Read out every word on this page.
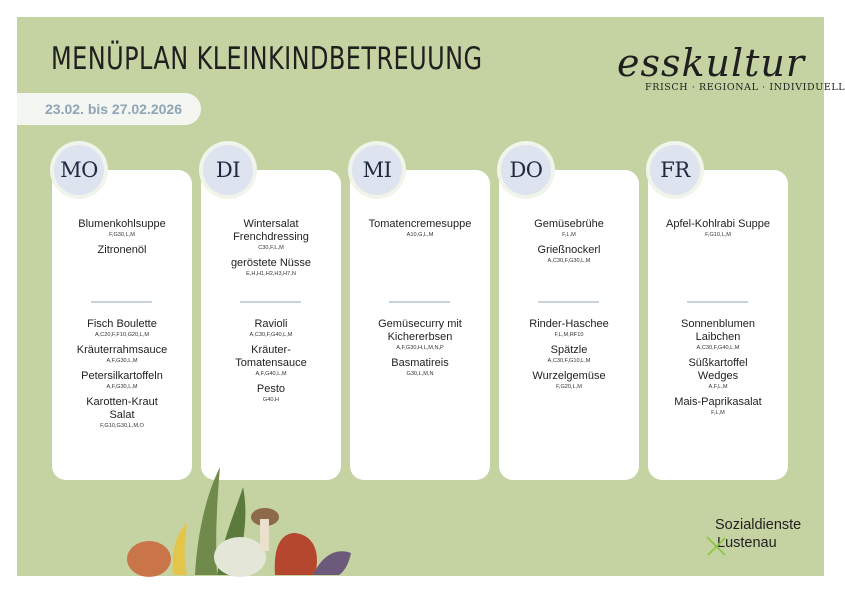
MENÜPLAN KLEINKINDBETREUUNG
23.02. bis 27.02.2026
esskultur
FRISCH · REGIONAL · INDIVIDUELL
Blumenkohlsuppe
F,G30,L,M
Zitronenöl
Fisch Boulette
A,C20,F,F10,G20,L,M
Kräuterrahmsauce
A,F,G30,L,M
Petersilkartoffeln
A,F,G30,L,M
Karotten-Kraut Salat
F,G10,G30,L,M,O
MO
Wintersalat Frenchdressing
C30,F,L,M
geröstete Nüsse
E,H,H1,H2,H3,H7,N
Ravioli
A,C30,F,G40,L,M
Kräuter-Tomatensauce
A,F,G40,L,M
Pesto
G40,H
DI
Tomatencremesuppe
A10,G,L,M
Gemüsecurry mit Kichererbsen
A,F,G30,H,L,M,N,P
Basmatireis
G30,L,M,N
MI
Gemüsebrühe
F,L,M
Grießnockerl
A,C30,F,G30,L,M
Rinder-Haschee
F,L,M,RF10
Spätzle
A,C30,F,G10,L,M
Wurzelgemüse
F,G20,L,M
DO
Apfel-Kohlrabi Suppe
F,G10,L,M
Sonnenblumen Laibchen
A,C30,F,G40,L,M
Süßkartoffel Wedges
A,F,L,M
Mais-Paprikasalat
F,L,M
FR
Sozialdienste
Lustenau
